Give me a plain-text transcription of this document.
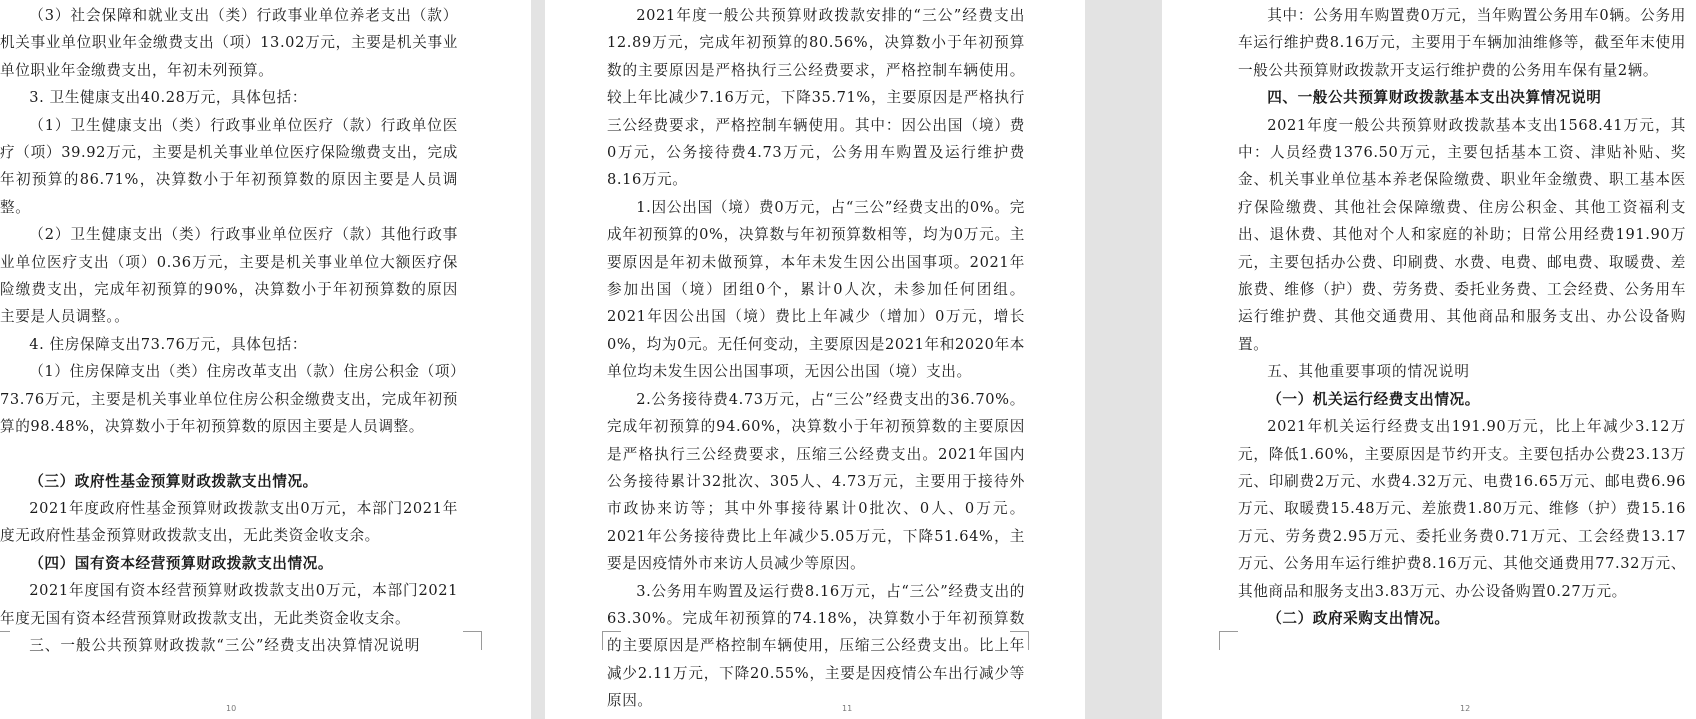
（3）社会保障和就业支出（类）行政事业单位养老支出（款）机关事业单位职业年金缴费支出（项）13.02万元，主要是机关事业单位职业年金缴费支出，年初未列预算。

3. 卫生健康支出40.28万元，具体包括：

（1）卫生健康支出（类）行政事业单位医疗（款）行政单位医疗（项）39.92万元，主要是机关事业单位医疗保险缴费支出，完成年初预算的86.71%，决算数小于年初预算数的原因主要是人员调整。

（2）卫生健康支出（类）行政事业单位医疗（款）其他行政事业单位医疗支出（项）0.36万元，主要是机关事业单位大额医疗保险缴费支出，完成年初预算的90%，决算数小于年初预算数的原因主要是人员调整。。

4. 住房保障支出73.76万元，具体包括：

（1）住房保障支出（类）住房改革支出（款）住房公积金（项）73.76万元，主要是机关事业单位住房公积金缴费支出，完成年初预算的98.48%，决算数小于年初预算数的原因主要是人员调整。

（三）政府性基金预算财政拨款支出情况。

2021年度政府性基金预算财政拨款支出0万元，本部门2021年度无政府性基金预算财政拨款支出，无此类资金收支余。

（四）国有资本经营预算财政拨款支出情况。

2021年度国有资本经营预算财政拨款支出0万元，本部门2021年度无国有资本经营预算财政拨款支出，无此类资金收支余。

三、一般公共预算财政拨款“三公”经费支出决算情况说明

10

2021年度一般公共预算财政拨款安排的“三公”经费支出12.89万元，完成年初预算的80.56%，决算数小于年初预算数的主要原因是严格执行三公经费要求，严格控制车辆使用。较上年比减少7.16万元，下降35.71%，主要原因是严格执行三公经费要求，严格控制车辆使用。其中：因公出国（境）费0万元，公务接待费4.73万元，公务用车购置及运行维护费8.16万元。

1.因公出国（境）费0万元，占“三公”经费支出的0%。完成年初预算的0%，决算数与年初预算数相等，均为0万元。主要原因是年初未做预算，本年未发生因公出国事项。2021年参加出国（境）团组0个，累计0人次，未参加任何团组。2021年因公出国（境）费比上年减少（增加）0万元，增长0%，均为0元。无任何变动，主要原因是2021年和2020年本单位均未发生因公出国事项，无因公出国（境）支出。

2.公务接待费4.73万元，占“三公”经费支出的36.70%。完成年初预算的94.60%，决算数小于年初预算数的主要原因是严格执行三公经费要求，压缩三公经费支出。2021年国内公务接待累计32批次、305人、4.73万元，主要用于接待外市政协来访等；其中外事接待累计0批次、0人、0万元。2021年公务接待费比上年减少5.05万元，下降51.64%，主要是因疫情外市来访人员减少等原因。

3.公务用车购置及运行费8.16万元，占“三公”经费支出的63.30%。完成年初预算的74.18%，决算数小于年初预算数的主要原因是严格控制车辆使用，压缩三公经费支出。比上年减少2.11万元，下降20.55%，主要是因疫情公车出行减少等原因。	11

其中：公务用车购置费0万元，当年购置公务用车0辆。公务用车运行维护费8.16万元，主要用于车辆加油维修等，截至年末使用一般公共预算财政拨款开支运行维护费的公务用车保有量2辆。

四、一般公共预算财政拨款基本支出决算情况说明

2021年度一般公共预算财政拨款基本支出1568.41万元，其中：人员经费1376.50万元，主要包括基本工资、津贴补贴、奖金、机关事业单位基本养老保险缴费、职业年金缴费、职工基本医疗保险缴费、其他社会保障缴费、住房公积金、其他工资福利支出、退休费、其他对个人和家庭的补助；日常公用经费191.90万元，主要包括办公费、印刷费、水费、电费、邮电费、取暖费、差旅费、维修（护）费、劳务费、委托业务费、工会经费、公务用车运行维护费、其他交通费用、其他商品和服务支出、办公设备购置。

五、其他重要事项的情况说明

（一）机关运行经费支出情况。

2021年机关运行经费支出191.90万元，比上年减少3.12万元，降低1.60%，主要原因是节约开支。主要包括办公费23.13万元、印刷费2万元、水费4.32万元、电费16.65万元、邮电费6.96万元、取暖费15.48万元、差旅费1.80万元、维修（护）费15.16万元、劳务费2.95万元、委托业务费0.71万元、工会经费13.17万元、公务用车运行维护费8.16万元、其他交通费用77.32万元、其他商品和服务支出3.83万元、办公设备购置0.27万元。

（二）政府采购支出情况。

12
